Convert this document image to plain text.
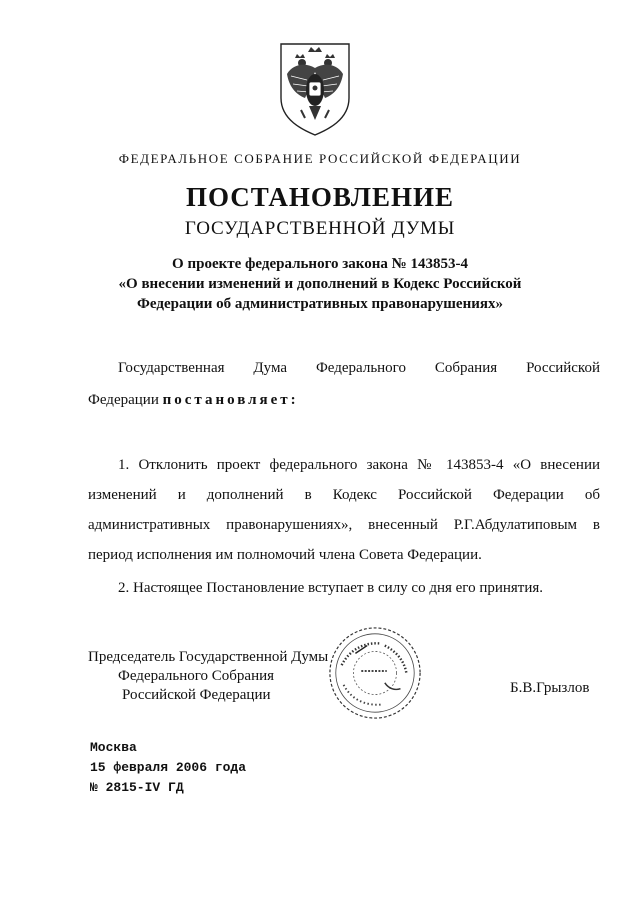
ФЕДЕРАЛЬНОЕ СОБРАНИЕ РОССИЙСКОЙ ФЕДЕРАЦИИ
ПОСТАНОВЛЕНИЕ
ГОСУДАРСТВЕННОЙ ДУМЫ
О проекте федерального закона № 143853-4
«О внесении изменений и дополнений в Кодекс Российской
Федерации об административных правонарушениях»
Государственная Дума Федерального Собрания Российской
Федерации постановляет:
1. Отклонить проект федерального закона № 143853-4 «О внесении
изменений и дополнений в Кодекс Российской Федерации об
административных правонарушениях», внесенный Р.Г.Абдулатиповым в
период исполнения им полномочий члена Совета Федерации.
2. Настоящее Постановление вступает в силу со дня его принятия.
Председатель Государственной Думы
Федерального Собрания
Российской Федерации	Б.В.Грызлов
Москва
15 февраля 2006 года
№ 2815-IV ГД
